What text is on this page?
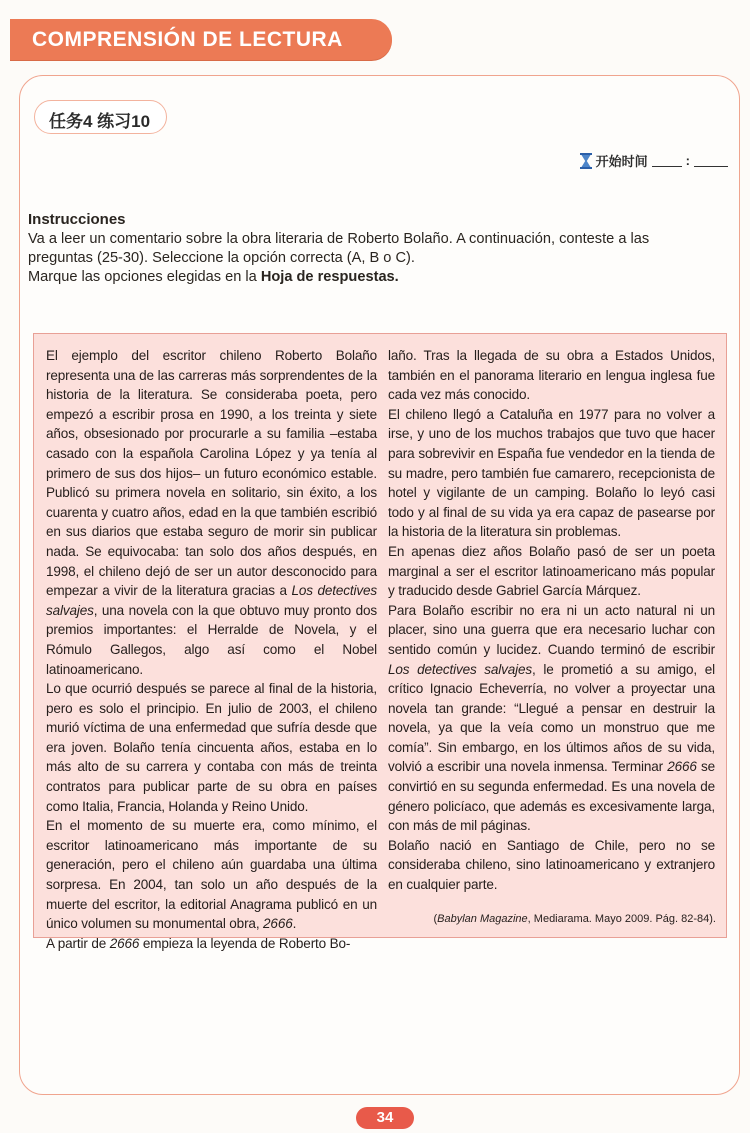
COMPRENSIÓN DE LECTURA
任务4 练习10
开始时间	:
Instrucciones
Va a leer un comentario sobre la obra literaria de Roberto Bolaño. A continuación, conteste a las preguntas (25-30). Seleccione la opción correcta (A, B o C).
Marque las opciones elegidas en la Hoja de respuestas.

El ejemplo del escritor chileno Roberto Bolaño representa una de las carreras más sorprendentes de la historia de la literatura. Se consideraba poeta, pero empezó a escribir prosa en 1990, a los treinta y siete años, obsesionado por procurarle a su familia –estaba casado con la española Carolina López y ya tenía al primero de sus dos hijos– un futuro económico estable. Publicó su primera novela en solitario, sin éxito, a los cuarenta y cuatro años, edad en la que también escribió en sus diarios que estaba seguro de morir sin publicar nada. Se equivocaba: tan solo dos años después, en 1998, el chileno dejó de ser un autor desconocido para empezar a vivir de la literatura gracias a Los detectives salvajes, una novela con la que obtuvo muy pronto dos premios importantes: el Herralde de Novela, y el Rómulo Gallegos, algo así como el Nobel latinoamericano.

Lo que ocurrió después se parece al final de la historia, pero es solo el principio. En julio de 2003, el chileno murió víctima de una enfermedad que sufría desde que era joven. Bolaño tenía cincuenta años, estaba en lo más alto de su carrera y contaba con más de treinta contratos para publicar parte de su obra en países como Italia, Francia, Holanda y Reino Unido.

En el momento de su muerte era, como mínimo, el escritor latinoamericano más importante de su generación, pero el chileno aún guardaba una última sorpresa. En 2004, tan solo un año después de la muerte del escritor, la editorial Anagrama publicó en un único volumen su monumental obra, 2666.

A partir de 2666 empieza la leyenda de Roberto Bo-

laño. Tras la llegada de su obra a Estados Unidos, también en el panorama literario en lengua inglesa fue cada vez más conocido.

El chileno llegó a Cataluña en 1977 para no volver a irse, y uno de los muchos trabajos que tuvo que hacer para sobrevivir en España fue vendedor en la tienda de su madre, pero también fue camarero, recepcionista de hotel y vigilante de un camping. Bolaño lo leyó casi todo y al final de su vida ya era capaz de pasearse por la historia de la literatura sin problemas.

En apenas diez años Bolaño pasó de ser un poeta marginal a ser el escritor latinoamericano más popular y traducido desde Gabriel García Márquez.

Para Bolaño escribir no era ni un acto natural ni un placer, sino una guerra que era necesario luchar con sentido común y lucidez. Cuando terminó de escribir Los detectives salvajes, le prometió a su amigo, el crítico Ignacio Echeverría, no volver a proyectar una novela tan grande: “Llegué a pensar en destruir la novela, ya que la veía como un monstruo que me comía”. Sin embargo, en los últimos años de su vida, volvió a escribir una novela inmensa. Terminar 2666 se convirtió en su segunda enfermedad. Es una novela de género policíaco, que además es excesivamente larga, con más de mil páginas.

Bolaño nació en Santiago de Chile, pero no se consideraba chileno, sino latinoamericano y extranjero en cualquier parte.

(Babylan Magazine, Mediarama. Mayo 2009. Pág. 82-84).
34
